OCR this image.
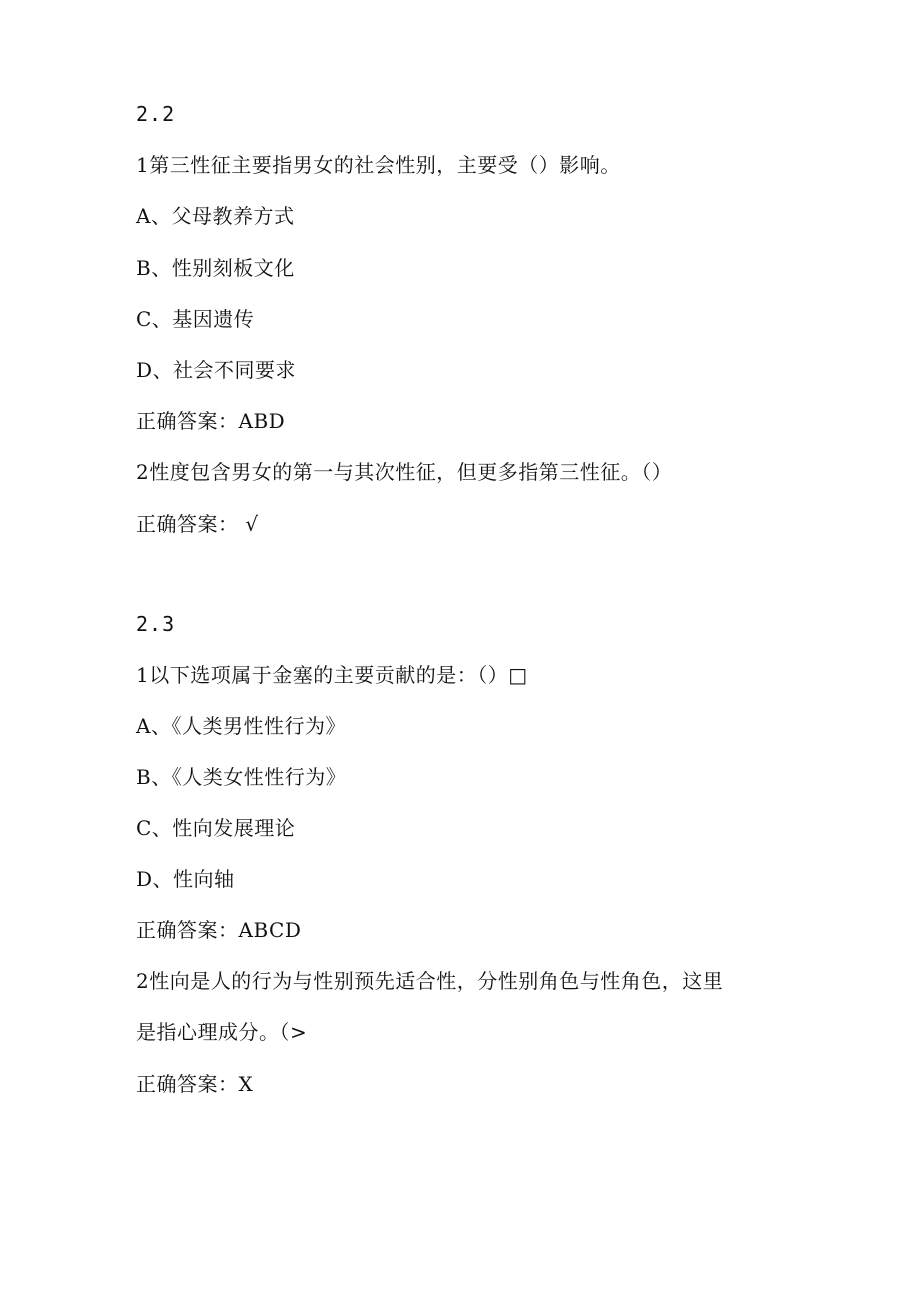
2.2
1第三性征主要指男女的社会性别，主要受（）影响。
A、父母教养方式
B、性别刻板文化
C、基因遗传
D、社会不同要求
正确答案：ABD
2性度包含男女的第一与其次性征，但更多指第三性征。（）
正确答案： √
2.3
1以下选项属于金塞的主要贡献的是：（）□
A、《人类男性性行为》
B、《人类女性性行为》
C、性向发展理论
D、性向轴
正确答案：ABCD
2性向是人的行为与性别预先适合性，分性别角色与性角色，这里
是指心理成分。（>
正确答案：X
